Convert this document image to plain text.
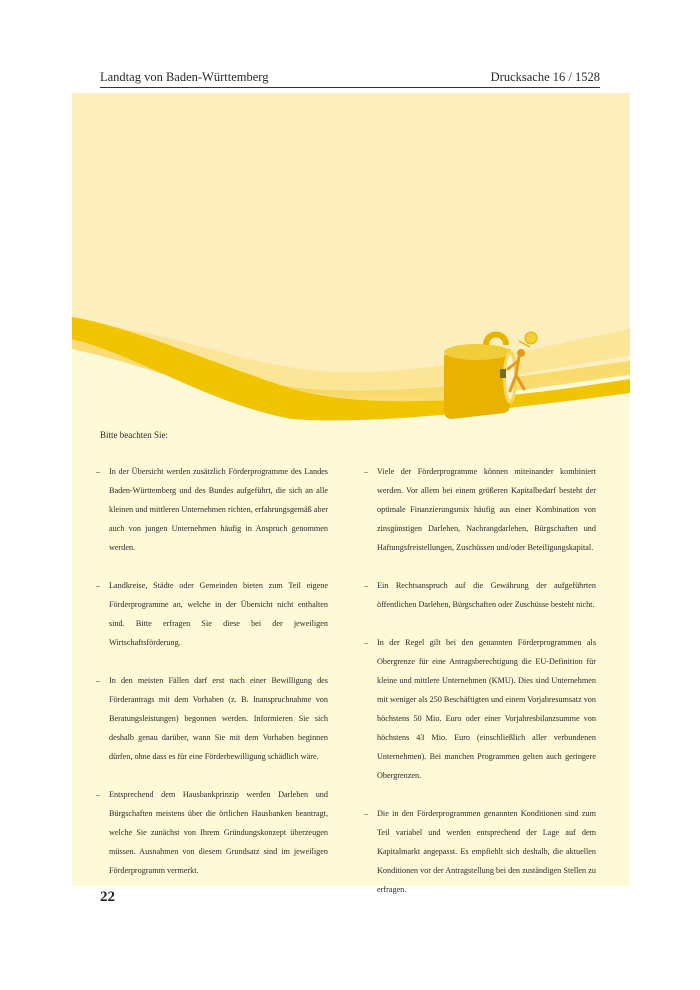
Landtag von Baden-Württemberg	Drucksache 16 / 1528
Bitte beachten Sie:
– In der Übersicht werden zusätzlich Förderprogramme des Landes Baden-Württemberg und des Bundes aufgeführt, die sich an alle kleinen und mittleren Unternehmen richten, erfahrungsgemäß aber auch von jungen Unternehmen häufig in Anspruch genommen werden.
– Landkreise, Städte oder Gemeinden bieten zum Teil eigene Förderprogramme an, welche in der Übersicht nicht enthalten sind. Bitte erfragen Sie diese bei der jeweiligen Wirtschaftsförderung.
– In den meisten Fällen darf erst nach einer Bewilligung des Förderantrags mit dem Vorhaben (z. B. Inanspruchnahme von Beratungsleistungen) begonnen werden. Informieren Sie sich deshalb genau darüber, wann Sie mit dem Vorhaben beginnen dürfen, ohne dass es für eine Förderbewilligung schädlich wäre.
– Entsprechend dem Hausbankprinzip werden Darlehen und Bürgschaften meistens über die örtlichen Hausbanken beantragt, welche Sie zunächst von Ihrem Gründungskonzept überzeugen müssen. Ausnahmen von diesem Grundsatz sind im jeweiligen Förderprogramm vermerkt.
– Viele der Förderprogramme können miteinander kombiniert werden. Vor allem bei einem größeren Kapitalbedarf besteht der optimale Finanzierungsmix häufig aus einer Kombination von zinsgünstigen Darlehen, Nachrangdarlehen, Bürgschaften und Haftungsfreistellungen, Zuschüssen und/oder Beteiligungskapital.
– Ein Rechtsanspruch auf die Gewährung der aufgeführten öffentlichen Darlehen, Bürgschaften oder Zuschüsse besteht nicht.
– In der Regel gilt bei den genannten Förderprogrammen als Obergrenze für eine Antragsberechtigung die EU-Definition für kleine und mittlere Unternehmen (KMU). Dies sind Unternehmen mit weniger als 250 Beschäftigten und einem Vorjahresumsatz von höchstens 50 Mio. Euro oder einer Vorjahresbilanzsumme von höchstens 43 Mio. Euro (einschließlich aller verbundenen Unternehmen). Bei manchen Programmen gelten auch geringere Obergrenzen.
– Die in den Förderprogrammen genannten Konditionen sind zum Teil variabel und werden entsprechend der Lage auf dem Kapitalmarkt angepasst. Es empfiehlt sich deshalb, die aktuellen Konditionen vor der Antragstellung bei den zuständigen Stellen zu erfragen.
22
